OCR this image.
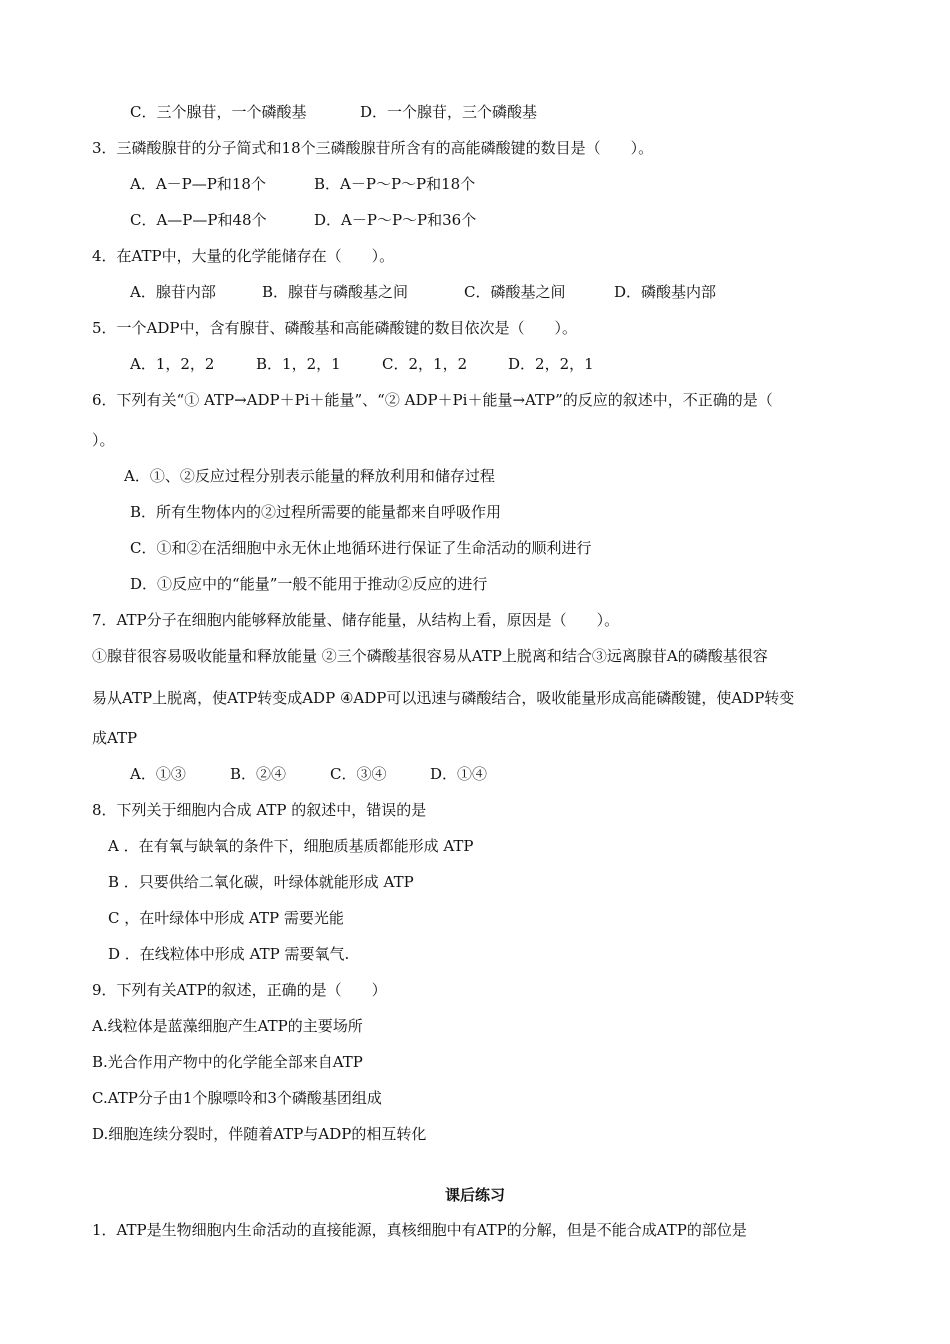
C．三个腺苷，一个磷酸基	D．一个腺苷，三个磷酸基
3．三磷酸腺苷的分子简式和18个三磷酸腺苷所含有的高能磷酸键的数目是（　　）。
A．A－P—P和18个	B．A－P～P～P和18个
C．A—P—P和48个	D．A－P～P～P和36个
4．在ATP中，大量的化学能储存在（　　）。
A．腺苷内部	B．腺苷与磷酸基之间	C．磷酸基之间	D．磷酸基内部
5．一个ADP中，含有腺苷、磷酸基和高能磷酸键的数目依次是（　　）。
A．1，2，2	B．1，2，1	C．2，1，2	D．2，2，1
6．下列有关“① ATP→ADP＋Pi＋能量”、“② ADP＋Pi＋能量→ATP”的反应的叙述中，不正确的是（
）。
A．①、②反应过程分别表示能量的释放利用和储存过程
B．所有生物体内的②过程所需要的能量都来自呼吸作用
C．①和②在活细胞中永无休止地循环进行保证了生命活动的顺利进行
D．①反应中的“能量”一般不能用于推动②反应的进行
7．ATP分子在细胞内能够释放能量、储存能量，从结构上看，原因是（　　）。
①腺苷很容易吸收能量和释放能量 ②三个磷酸基很容易从ATP上脱离和结合③远离腺苷A的磷酸基很容
易从ATP上脱离，使ATP转变成ADP ④ADP可以迅速与磷酸结合，吸收能量形成高能磷酸键，使ADP转变
成ATP
A．①③	B．②④	C．③④	D．①④
8．下列关于细胞内合成 ATP 的叙述中，错误的是
A ．在有氧与缺氧的条件下，细胞质基质都能形成 ATP
B ．只要供给二氧化碳，叶绿体就能形成 ATP
C ，在叶绿体中形成 ATP 需要光能
D ．在线粒体中形成 ATP 需要氧气.
9．下列有关ATP的叙述，正确的是（　　）
A.线粒体是蓝藻细胞产生ATP的主要场所
B.光合作用产物中的化学能全部来自ATP
C.ATP分子由1个腺嘌呤和3个磷酸基团组成
D.细胞连续分裂时，伴随着ATP与ADP的相互转化
课后练习
1．ATP是生物细胞内生命活动的直接能源，真核细胞中有ATP的分解，但是不能合成ATP的部位是
